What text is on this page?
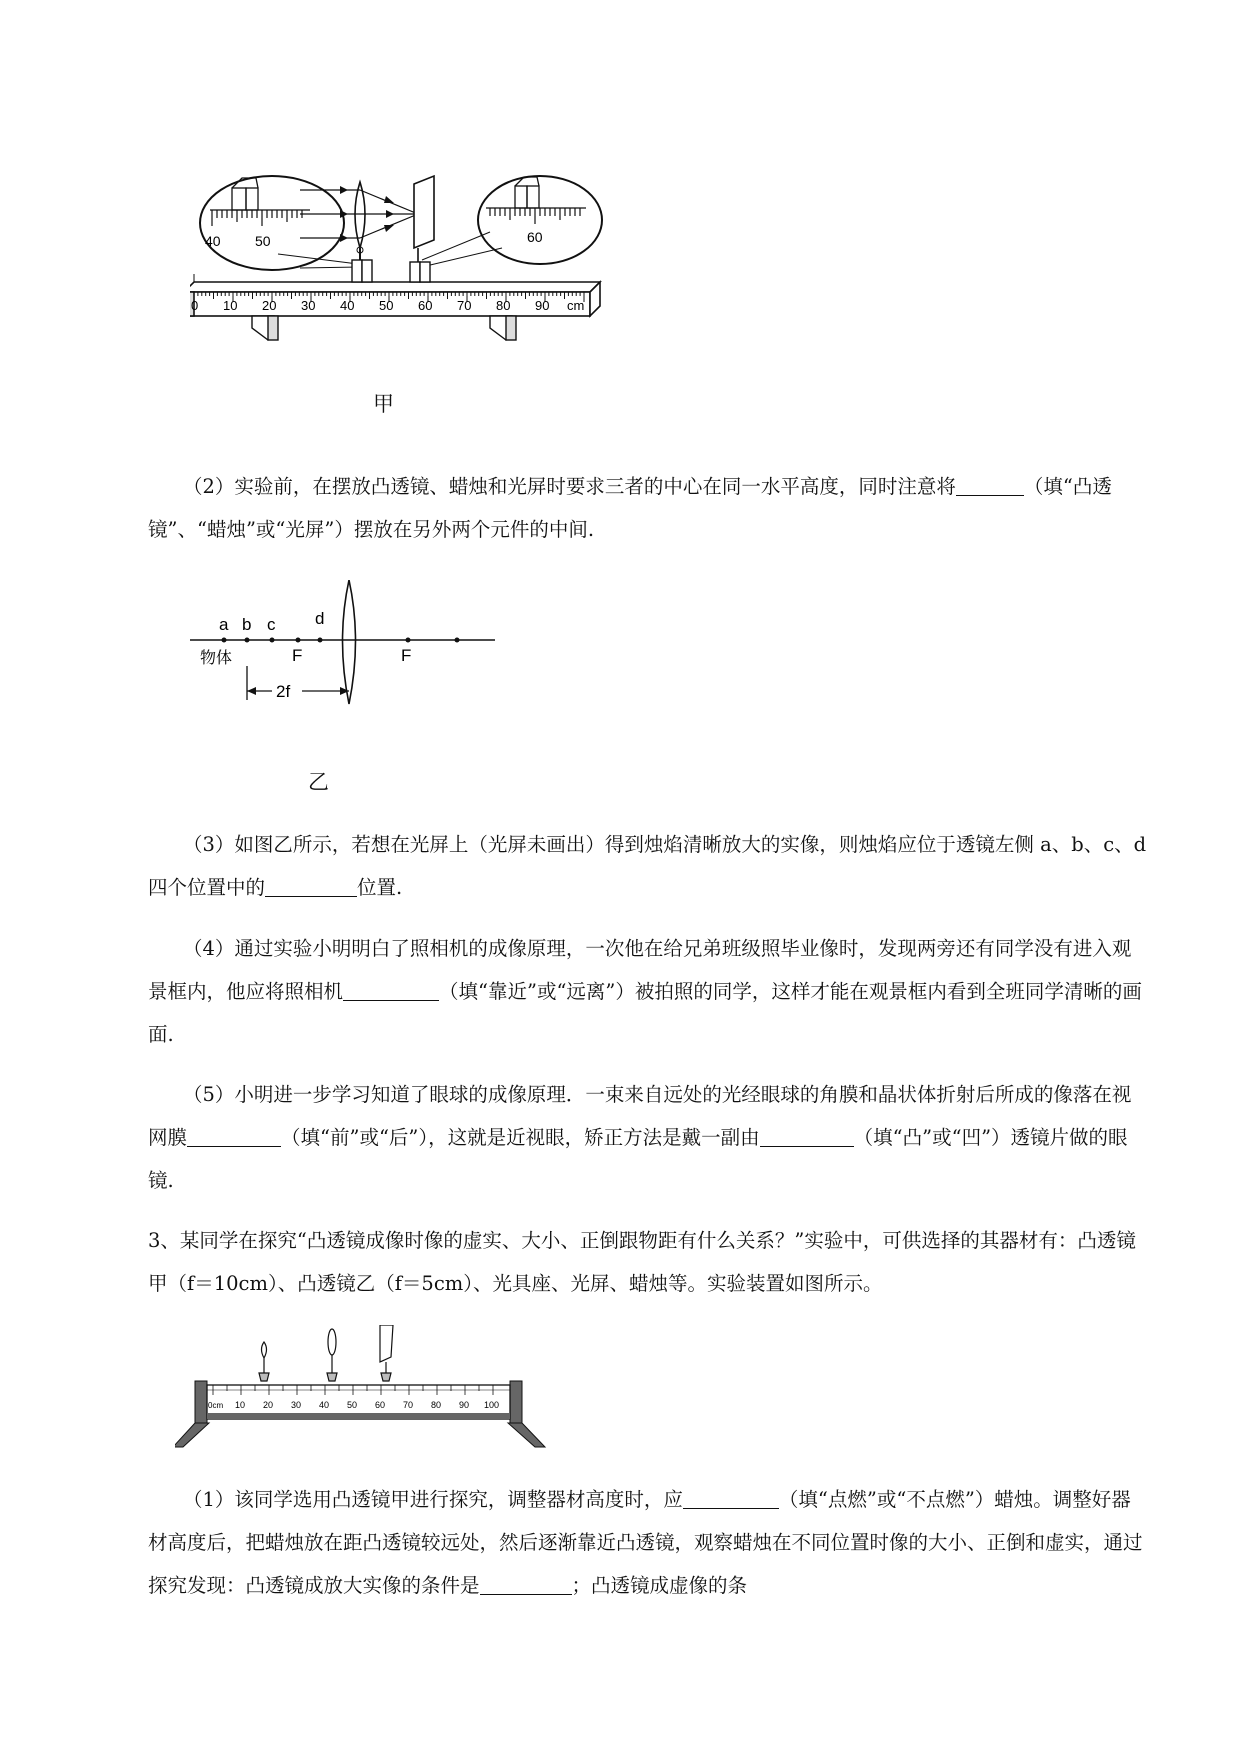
40 50	60
0 10 20 30 40 50 60 70 80 90 cm
甲
（2）实验前，在摆放凸透镜、蜡烛和光屏时要求三者的中心在同一水平高度，同时注意将	（填“凸透镜”、“蜡烛”或“光屏”）摆放在另外两个元件的中间.
a b c d
物体	F	F
2f
乙
（3）如图乙所示，若想在光屏上（光屏未画出）得到烛焰清晰放大的实像，则烛焰应位于透镜左侧 a、b、c、d 四个位置中的	位置.
（4）通过实验小明明白了照相机的成像原理，一次他在给兄弟班级照毕业像时，发现两旁还有同学没有进入观景框内，他应将照相机	（填“靠近”或“远离”）被拍照的同学，这样才能在观景框内看到全班同学清晰的画面.
（5）小明进一步学习知道了眼球的成像原理．一束来自远处的光经眼球的角膜和晶状体折射后所成的像落在视网膜	（填“前”或“后”），这就是近视眼，矫正方法是戴一副由	（填“凸”或“凹”）透镜片做的眼镜.
3、某同学在探究“凸透镜成像时像的虚实、大小、正倒跟物距有什么关系？”实验中，可供选择的其器材有：凸透镜甲（f＝10cm）、凸透镜乙（f＝5cm）、光具座、光屏、蜡烛等。实验装置如图所示。
0cm 10 20 30 40 50 60 70 80 90 100
（1）该同学选用凸透镜甲进行探究，调整器材高度时，应	（填“点燃”或“不点燃”）蜡烛。调整好器材高度后，把蜡烛放在距凸透镜较远处，然后逐渐靠近凸透镜，观察蜡烛在不同位置时像的大小、正倒和虚实，通过探究发现：凸透镜成放大实像的条件是	；凸透镜成虚像的条
